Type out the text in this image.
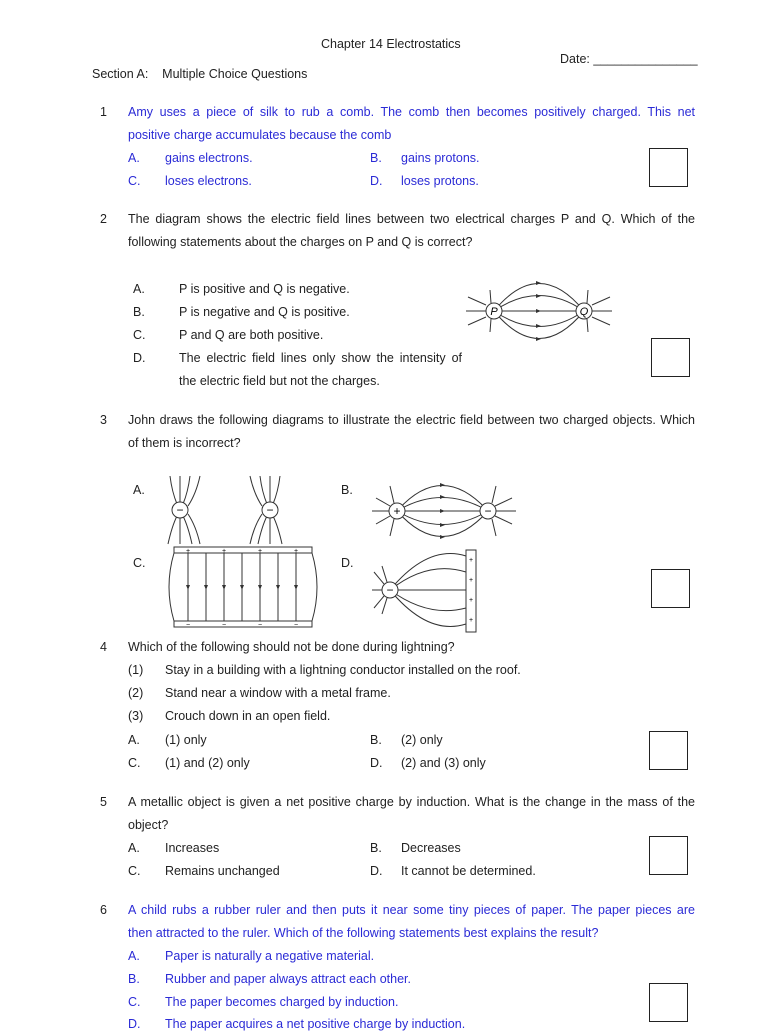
Chapter 14 Electrostatics
Date: _______________
Section A:    Multiple Choice Questions
1 Amy uses a piece of silk to rub a comb. The comb then becomes positively charged. This net
positive charge accumulates because the comb
A. gains electrons.	B. gains protons.
C. loses electrons.	D. loses protons.
2 The diagram shows the electric field lines between two electrical charges P and Q. Which of the
following statements about the charges on P and Q is correct?
A.	P is positive and Q is negative.
B.	P is negative and Q is positive.
C.	P and Q are both positive.
D.	The electric field lines only show the intensity of
the electric field but not the charges.
P	Q
3 John draws the following diagrams to illustrate the electric field between two charged objects. Which
of them is incorrect?
A.	B.
C.	D.
−	−	+	−
+	+	+	+
−	−	−	−
−
+
+
+
+
4 Which of the following should not be done during lightning?
(1) Stay in a building with a lightning conductor installed on the roof.
(2) Stand near a window with a metal frame.
(3) Crouch down in an open field.
A. (1) only	B. (2) only
C. (1) and (2) only	D. (2) and (3) only
5 A metallic object is given a net positive charge by induction. What is the change in the mass of the
object?
A. Increases	B. Decreases
C. Remains unchanged	D. It cannot be determined.
6 A child rubs a rubber ruler and then puts it near some tiny pieces of paper. The paper pieces are
then attracted to the ruler. Which of the following statements best explains the result?
A. Paper is naturally a negative material.
B. Rubber and paper always attract each other.
C. The paper becomes charged by induction.
D. The paper acquires a net positive charge by induction.
